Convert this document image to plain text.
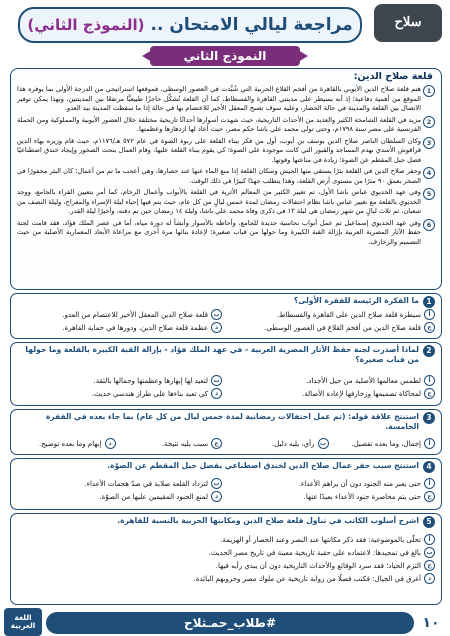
مراجعة ليالي الامتحان ..
(النموذج الثاني)	سلاح
النموذج الثاني
قلعة صلاح الدين:
1
هتم قلعة صلاح الدين الأيوبي بالقاهرة من أفخم القلاع الحربية التي شُيِّدت في العصور الوسطى، فموقعها استراتيجي من الدرجة الأولى بما يوفره هذا الموقع من أهمية دفاعية؛ إذ أنه يسيطر على مدينتي القاهرة والفسطاط، كما أن القلعة تُشكِّل حاجزًا طبيعيًّا مرتفعًا بين المدينتين، وبهذا يمكن توفير الاتصال بين القلعة والمدينة في حالة الحصار، وعليه سوف تصبح المعقل الأخير للاعتصام بها في حالة إذا ما سقطت المدينة بيد العدو.
2
مزيد في القلعة الشامخة الكثير والعديد من الأحداث التاريخية، حيث شهدت أسوارها أحداثًا تاريخية مختلفة خلال العصور الأيوبية والمملوكية ومن الحملة الفرنسية على مصر سنة ١٧٩٨م، وحتى تولى محمد علي باشا حكم مصر، حيث أعاد لها ازدهارها وعظمتها.
3
وكان السلطان الناصر صلاح الدين يوسف بن أيوب، أول من فكر ببناء القلعة على ربوة الصوة في عام ٥٧٢ هـ/١١٧٦م، حيث قام وزيره بهاء الدين قراقوش الأسدي بهدم المساجد والقبور التي كانت موجودة على الصوة؛ كي يقوم ببناء القلعة عليها، وقام العمال بنحت الصخور وإيجاد خندق اصطناعيًا فصل جبل المقطم عن الصوة؛ زيادة في مناعتها وقوتها.
4
وحفر صلاح الدين في القلعة بئرًا يستقي منها الجيش وسكان القلعة إذا منع الماء عنها عند حصارها، وهي أعجب ما تم من أعمال؛ كان البئر محفورًا في الصخر بعمق ٩٠ مترًا من مستوى أرض القلعة، وهذا يتطلب جهدًا كبيرًا في ذلك الوقت.
5
وفي عهد الخديوي عباس باشا الأول، تم تغيير الكثير من المعالم الأثرية في القلعة بالأبواب وأعمال الرخام، كما أمر بتعيين القراء بالجامع، ووجد الخديوي بالقلعة مع تغيير عباس باشا نظام احتفالات رمضان لمدة خمس ليالٍ من كل عام، حيث يتم فيها إحياء ليلة الإسراء والمعراج، وليلة النصف من شعبان، ثم ثلاث ليالٍ من شهر رمضان هي ليلة ١٣ في ذكرى وفاة محمد علي باشا، وليلة ١٤ رمضان حين تم دفنه، وأخيرًا ليلة القدر.
6
وفي عهد الخديوي إسماعيل تم عمل أبواب نحاسية جديدة للجامع، وأحاطه بالأسوار وأنشأ له دورة مياه، أما في عصر الملك فؤاد، فقد قامت لجنة حفظ الآثار المصرية العربية بإزالة القبة الكبيرة وما حولها من قباب صغيرة؛ لإعادة بنائها مرة أخرى مع مراعاة الأبعاد المعمارية الأصلية من حيث التصميم والزخارف.
1
ما الفكرة الرئيسة للفقرة الأولى؟
أ
سيطرة قلعة صلاح الدين على القاهرة والفسطاط.
ب
قلعة صلاح الدين المعقل الأخير للاعتصام من العدو.
ج
قلعة صلاح الدين من أفخم القلاع في العصور الوسطى.
د
عظمة قلعة صلاح الدين، ودورها في حماية القاهرة.
2
لماذا أصدرت لجنة حفظ الآثار المصرية العربية - في عهد الملك فؤاد - بإزالة القبة الكبيرة بالقلعة وما حولها من قباب صغيرة؟
أ
لطمس معالمها الأصلية من جيل الأجداد.
ب
لتعيد لها إبهارها وعظمتها وجمالها بالثقة.
ج
لمحاكاة تصميمها وزخارفها لإعادة الأصالة.
د
كي تعيد بناءها على طراز هندسي حديث.
3
استنتج علاقة قوله: (تم عمل احتفالات رمضانية لمدة خمس ليال من كل عام) بما جاء بعده في الفقرة الخامسة.
أ
إجمال، وما بعده تفصيل.
ب
رأي، يليه دليل.
ج
سبب يليه نتيجة.
د
إبهام وما بعده توضيح.
4
استنتج سبب حفر عمال صلاح الدين لخندق اصطناعي يفصل جبل المقطم عن الصوّة.
أ
حتى يعبر منه الجنود دون أن يراهم الأعداء.
ب
لتزداد القلعة صلابة في صدّ هجمات الأعداء.
ج
حتى يتم محاصرة جنود الأعداء بعيدًا عنها.
د
لمنع الجنود المقيمين عليها من الصوّة.
5
اشرح أسلوب الكاتب في تناول قلعة صلاح الدين ومكانتها الحربية بالنسبة للقاهرة.
أ
تحلّى بالموضوعية: فقد ذكر مكانتها عند النصر وعند الحصار أو الهزيمة.
ب
بالغ في تمجيدها: لاعتماده على حقبة تاريخية معينة في تاريخ مصر الحديث.
ج
التزم الحياد؛ فقد سرد الوقائع والأحداث التاريخية دون أن يبدي رأيه فيها.
د
أغرق في الخيال: فكتب فصلًا من رواية تاريخية عن ملوك مصر وحروبهم البائدة.
١٠
#طلاب_حمـثلاح
اللغة
العربية
